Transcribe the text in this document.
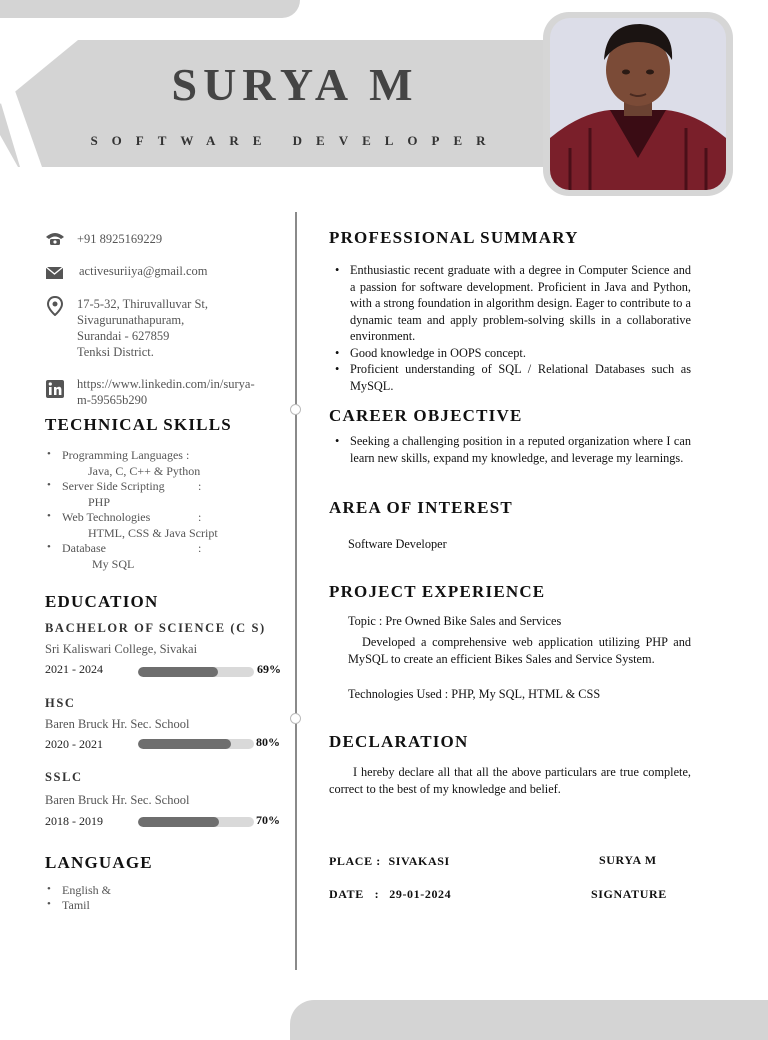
SURYA M
SOFTWARE DEVELOPER
+91 8925169229
activesuriiya@gmail.com
17-5-32, Thiruvalluvar St,
Sivagurunathapuram,
Surandai - 627859
Tenksi District.
https://www.linkedin.com/in/surya-
m-59565b290
TECHNICAL SKILLS
• Programming Languages :
Java, C, C++ & Python
• Server Side Scripting	:
PHP
• Web Technologies	:
HTML, CSS & Java Script
• Database	:
My SQL
EDUCATION
BACHELOR OF SCIENCE (C S)
Sri Kaliswari College, Sivakai
2021 - 2024	69%
HSC
Baren Bruck Hr. Sec. School
2020 - 2021	80%
SSLC
Baren Bruck Hr. Sec. School
2018 - 2019	70%
LANGUAGE
• English &
• Tamil
PROFESSIONAL SUMMARY
• Enthusiastic recent graduate with a degree in Computer Science and a passion for software development. Proficient in Java and Python, with a strong foundation in algorithm design. Eager to contribute to a dynamic team and apply problem-solving skills in a collaborative environment.
• Good knowledge in OOPS concept.
• Proficient understanding of SQL / Relational Databases such as MySQL.
CAREER OBJECTIVE
• Seeking a challenging position in a reputed organization where I can learn new skills, expand my knowledge, and leverage my learnings.
AREA OF INTEREST
Software Developer
PROJECT EXPERIENCE
Topic : Pre Owned Bike Sales and Services
Developed a comprehensive web application utilizing PHP and MySQL to create an efficient Bikes Sales and Service System.
Technologies Used : PHP, My SQL, HTML & CSS
DECLARATION
I hereby declare all that all the above particulars are true complete, correct to the best of my knowledge and belief.
PLACE : SIVAKASI
DATE   : 29-01-2024
SURYA M
SIGNATURE
